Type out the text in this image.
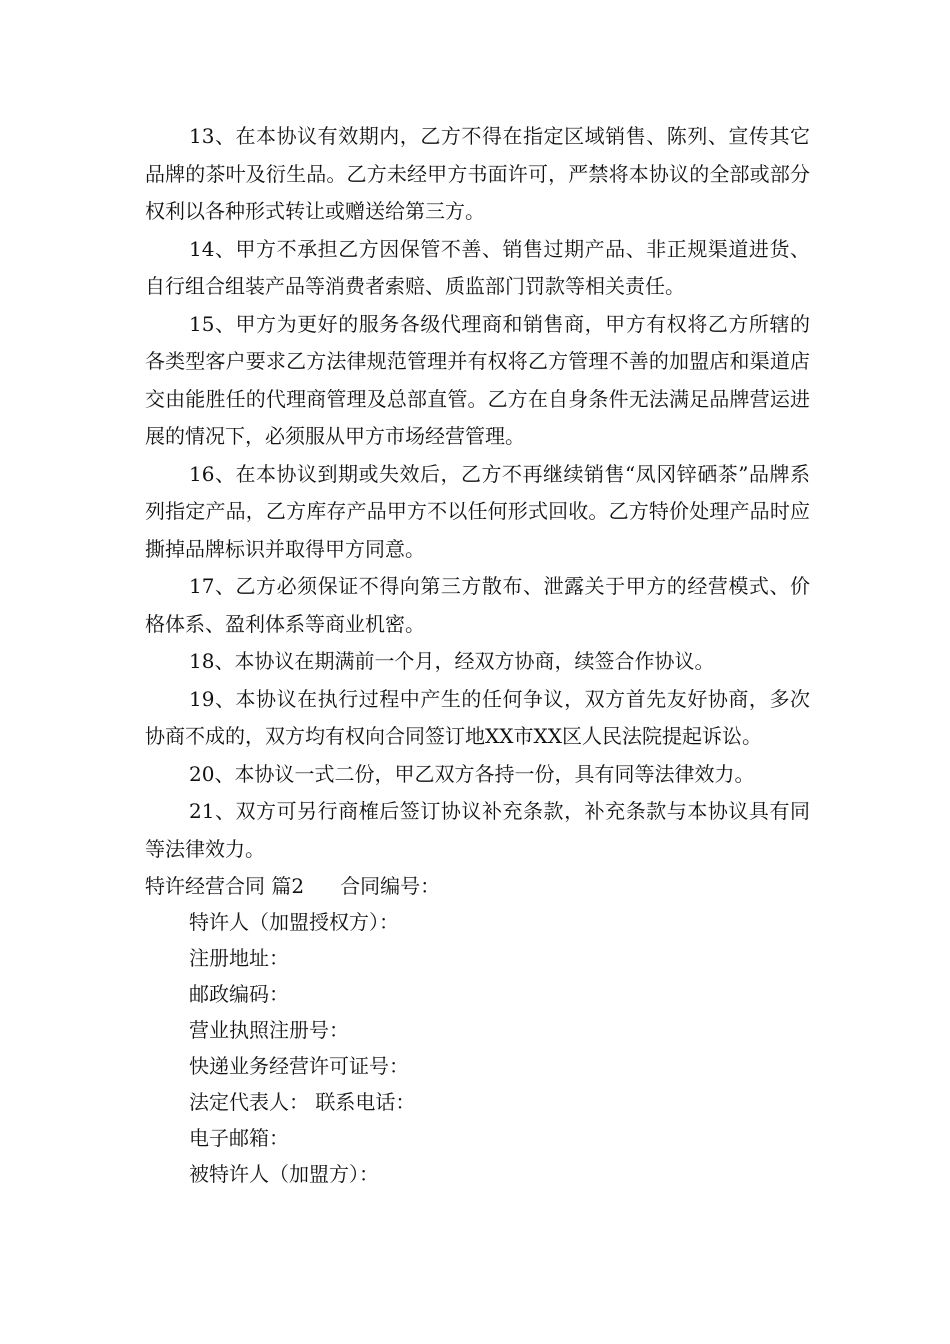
13、在本协议有效期内，乙方不得在指定区域销售、陈列、宣传其它品牌的茶叶及衍生品。乙方未经甲方书面许可，严禁将本协议的全部或部分权利以各种形式转让或赠送给第三方。

14、甲方不承担乙方因保管不善、销售过期产品、非正规渠道进货、自行组合组装产品等消费者索赔、质监部门罚款等相关责任。

15、甲方为更好的服务各级代理商和销售商，甲方有权将乙方所辖的各类型客户要求乙方法律规范管理并有权将乙方管理不善的加盟店和渠道店交由能胜任的代理商管理及总部直管。乙方在自身条件无法满足品牌营运进展的情况下，必须服从甲方市场经营管理。

16、在本协议到期或失效后，乙方不再继续销售“凤冈锌硒茶”品牌系列指定产品，乙方库存产品甲方不以任何形式回收。乙方特价处理产品时应撕掉品牌标识并取得甲方同意。

17、乙方必须保证不得向第三方散布、泄露关于甲方的经营模式、价格体系、盈利体系等商业机密。

18、本协议在期满前一个月，经双方协商，续签合作协议。

19、本协议在执行过程中产生的任何争议，双方首先友好协商，多次协商不成的，双方均有权向合同签订地XX市XX区人民法院提起诉讼。

20、本协议一式二份，甲乙双方各持一份，具有同等法律效力。

21、双方可另行商榷后签订协议补充条款，补充条款与本协议具有同等法律效力。

特许经营合同 篇2 合同编号：

特许人（加盟授权方）：

注册地址：

邮政编码：

营业执照注册号：

快递业务经营许可证号：

法定代表人： 联系电话：

电子邮箱：

被特许人（加盟方）：
